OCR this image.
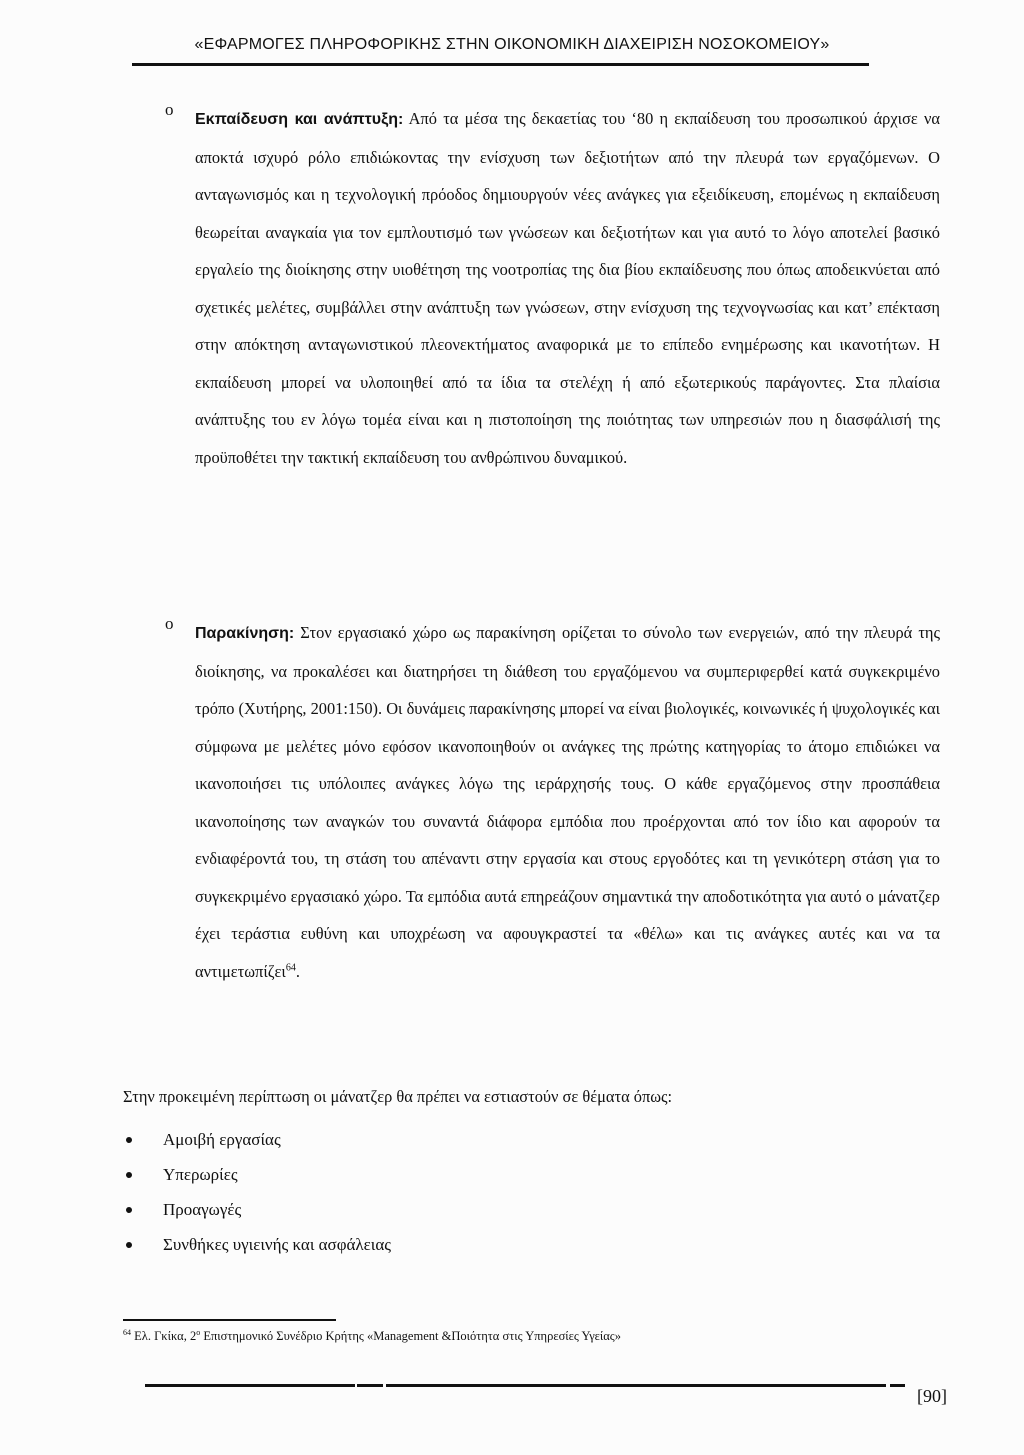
«ΕΦΑΡΜΟΓΕΣ ΠΛΗΡΟΦΟΡΙΚΗΣ ΣΤΗΝ ΟΙΚΟΝΟΜΙΚΗ ΔΙΑΧΕΙΡΙΣΗ ΝΟΣΟΚΟΜΕΙΟΥ»
o

Εκπαίδευση και ανάπτυξη: Από τα μέσα της δεκαετίας του ‘80 η εκπαίδευση του προσωπικού άρχισε να αποκτά ισχυρό ρόλο επιδιώκοντας την ενίσχυση των δεξιοτήτων από την πλευρά των εργαζόμενων. Ο ανταγωνισμός και η τεχνολογική πρόοδος δημιουργούν νέες ανάγκες για εξειδίκευση, επομένως η εκπαίδευση θεωρείται αναγκαία για τον εμπλουτισμό των γνώσεων και δεξιοτήτων και για αυτό το λόγο αποτελεί βασικό εργαλείο της διοίκησης στην υιοθέτηση της νοοτροπίας της δια βίου εκπαίδευσης που όπως αποδεικνύεται από σχετικές μελέτες, συμβάλλει στην ανάπτυξη των γνώσεων, στην ενίσχυση της τεχνογνωσίας και κατ’ επέκταση στην απόκτηση ανταγωνιστικού πλεονεκτήματος αναφορικά με το επίπεδο ενημέρωσης και ικανοτήτων. Η εκπαίδευση μπορεί να υλοποιηθεί από τα ίδια τα στελέχη ή από εξωτερικούς παράγοντες. Στα πλαίσια ανάπτυξης του εν λόγω τομέα είναι και η πιστοποίηση της ποιότητας των υπηρεσιών που η διασφάλισή της προϋποθέτει την τακτική εκπαίδευση του ανθρώπινου δυναμικού.

o

Παρακίνηση: Στον εργασιακό χώρο ως παρακίνηση ορίζεται το σύνολο των ενεργειών, από την πλευρά της διοίκησης, να προκαλέσει και διατηρήσει τη διάθεση του εργαζόμενου να συμπεριφερθεί κατά συγκεκριμένο τρόπο (Χυτήρης, 2001:150). Οι δυνάμεις παρακίνησης μπορεί να είναι βιολογικές, κοινωνικές ή ψυχολογικές και σύμφωνα με μελέτες μόνο εφόσον ικανοποιηθούν οι ανάγκες της πρώτης κατηγορίας το άτομο επιδιώκει να ικανοποιήσει τις υπόλοιπες ανάγκες λόγω της ιεράρχησής τους. Ο κάθε εργαζόμενος στην προσπάθεια ικανοποίησης των αναγκών του συναντά διάφορα εμπόδια που προέρχονται από τον ίδιο και αφορούν τα ενδιαφέροντά του, τη στάση του απέναντι στην εργασία και στους εργοδότες και τη γενικότερη στάση για το συγκεκριμένο εργασιακό χώρο. Τα εμπόδια αυτά επηρεάζουν σημαντικά την αποδοτικότητα για αυτό ο μάνατζερ έχει τεράστια ευθύνη και υποχρέωση να αφουγκραστεί τα «θέλω» και τις ανάγκες αυτές και να τα αντιμετωπίζει$^{64}$.

Στην προκειμένη περίπτωση οι μάνατζερ θα πρέπει να εστιαστούν σε θέματα όπως:

Αμοιβή εργασίας
Υπερωρίες
Προαγωγές
Συνθήκες υγιεινής και ασφάλειας

$^{64}$ Ελ. Γκίκα, $2^o$ Επιστημονικό Συνέδριο Κρήτης «Management &Ποιότητα στις Υπηρεσίες Υγείας»

[90]
